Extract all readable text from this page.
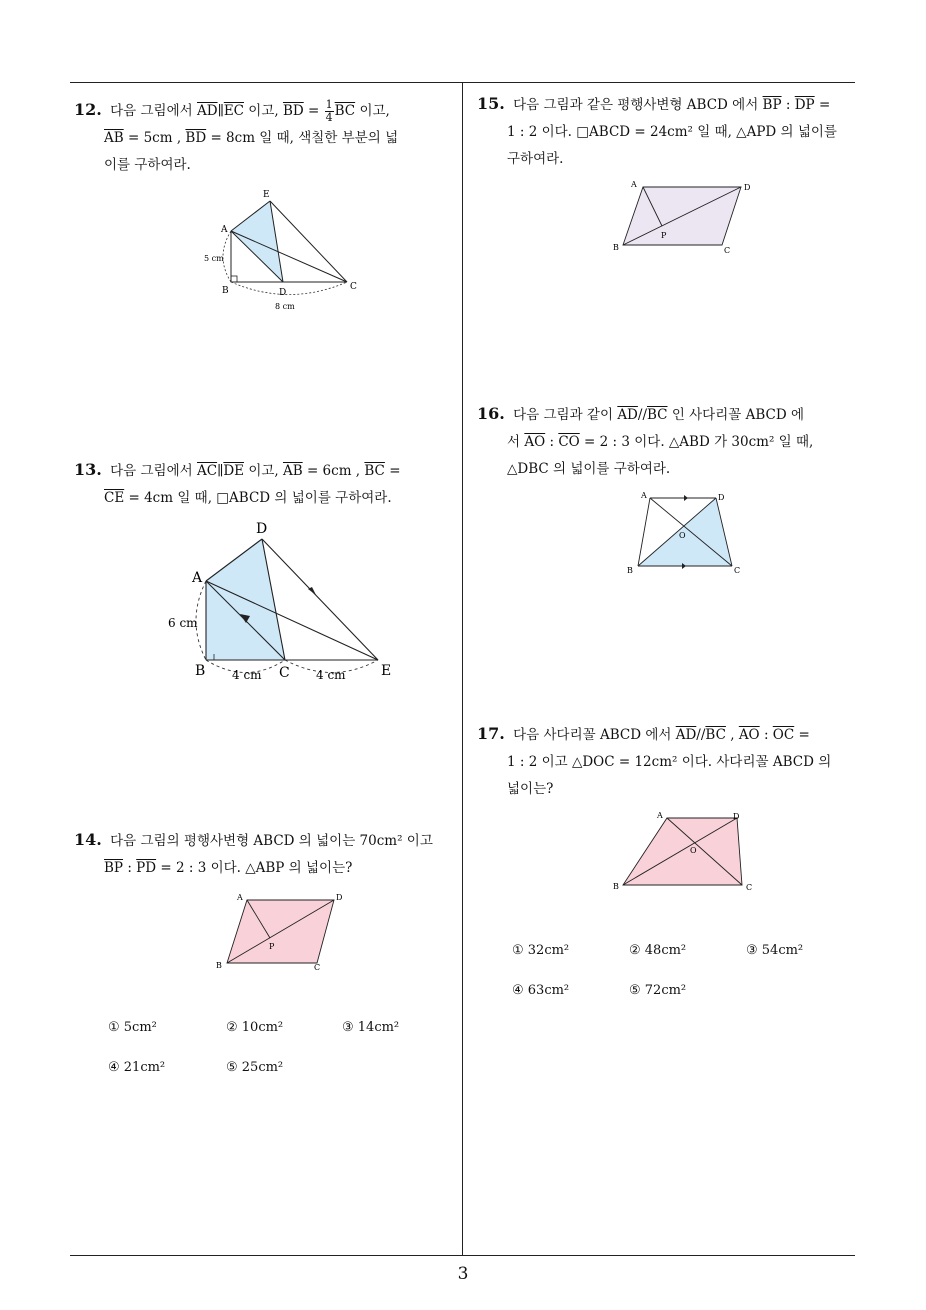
12. 다음 그림에서 $\overline{AD}\parallel\overline{EC}$ 이고, $\overline{BD} = \frac{1}{4} \overline{BC}$ 이고,
$\overline{AB} = 5cm$ , $\overline{BD} = 8cm$ 일 때, 색칠한 부분의 넓
이를 구하여라.
A
E
B	D
C
5 cm
8 cm
13. 다음 그림에서 $\overline{AC}\parallel\overline{DE}$ 이고, $\overline{AB} = 6cm$ , $\overline{BC}$ =
$\overline{CE} = 4cm$ 일 때, □ABCD 의 넓이를 구하여라.
A
D
B	C	E
6 cm
4 cm	4 cm
14. 다음 그림의 평행사변형 ABCD 의 넓이는 70cm² 이고
$\overline{BP}$ : $\overline{PD} = 2$ : 3 이다. △ABP 의 넓이는?
A	D
B	C
P
① 5cm²	② 10cm²	③ 14cm²
④ 21cm²	⑤ 25cm²
15. 다음 그림과 같은 평행사변형 ABCD 에서 $\overline{BP}$ : $\overline{DP}$ =
1 : 2 이다. □ABCD = 24cm² 일 때, △APD 의 넓이를
구하여라.
A	D
B	C
P
16. 다음 그림과 같이 $\overline{AD}//\overline{BC}$ 인 사다리꼴 ABCD 에
서 $\overline{AO}$ : $\overline{CO} = 2$ : 3 이다. △ABD 가 30cm² 일 때,
△DBC 의 넓이를 구하여라.
A	D
B	C
O
17. 다음 사다리꼴 ABCD 에서 $\overline{AD}//\overline{BC}$ , $\overline{AO}$ : $\overline{OC}$ =
1 : 2 이고 △DOC = 12cm² 이다. 사다리꼴 ABCD 의
넓이는?
A	D
B	C
O
① 32cm²	② 48cm²	③ 54cm²
④ 63cm²	⑤ 72cm²
3
